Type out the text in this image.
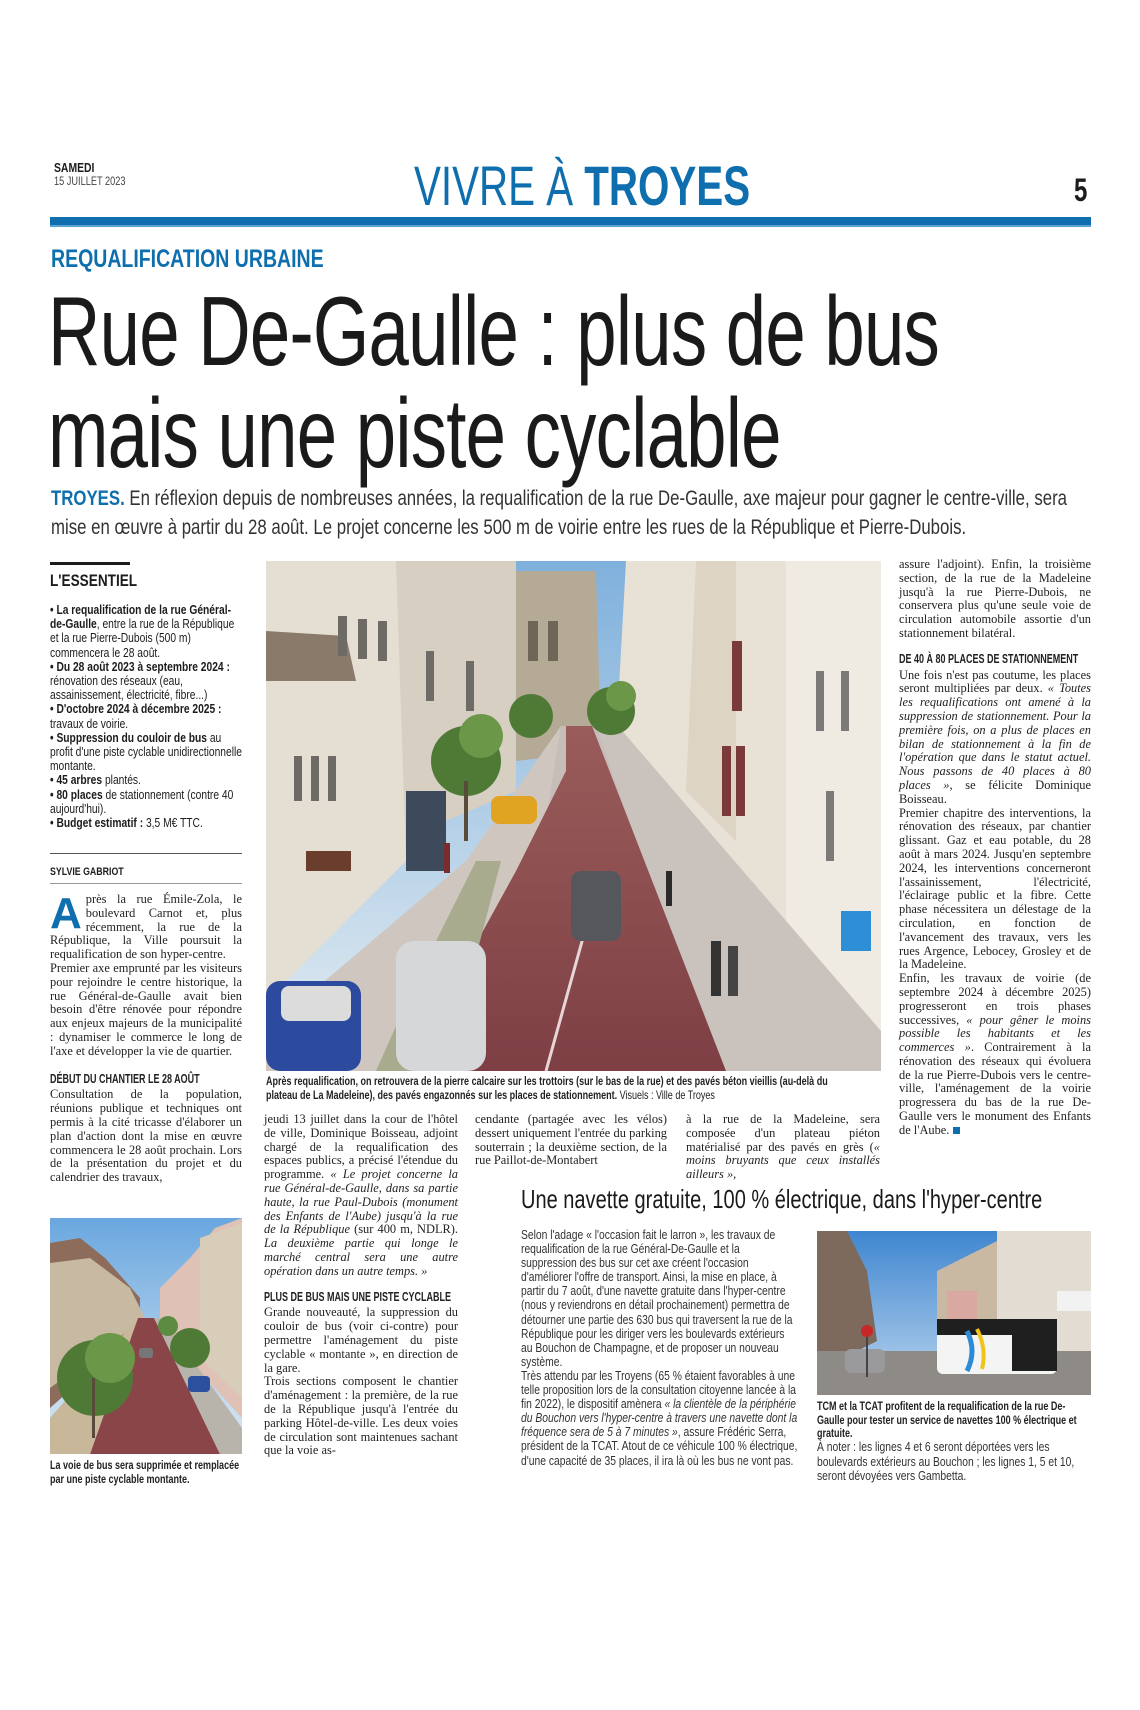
SAMEDI
15 JUILLET 2023	VIVRE À TROYES	5
REQUALIFICATION URBAINE
Rue De-Gaulle : plus de bus
mais une piste cyclable
TROYES. En réflexion depuis de nombreuses années, la requalification de la rue De-Gaulle, axe majeur pour gagner le centre-ville, sera mise en œuvre à partir du 28 août. Le projet concerne les 500 m de voirie entre les rues de la République et Pierre-Dubois.
L'ESSENTIEL
• La requalification de la rue Général-de-Gaulle, entre la rue de la République et la rue Pierre-Dubois (500 m) commencera le 28 août.
• Du 28 août 2023 à septembre 2024 : rénovation des réseaux (eau, assainissement, électricité, fibre...)
• D'octobre 2024 à décembre 2025 : travaux de voirie.
• Suppression du couloir de bus au profit d'une piste cyclable unidirectionnelle montante.
• 45 arbres plantés.
• 80 places de stationnement (contre 40 aujourd'hui).
• Budget estimatif : 3,5 M€ TTC.
SYLVIE GABRIOT
A près la rue Émile-Zola, le boulevard Carnot et, plus récemment, la rue de la République, la Ville poursuit la requalification de son hyper-centre.

Premier axe emprunté par les visiteurs pour rejoindre le centre historique, la rue Général-de-Gaulle avait bien besoin d'être rénovée pour répondre aux enjeux majeurs de la municipalité : dynamiser le commerce le long de l'axe et développer la vie de quartier.

DÉBUT DU CHANTIER LE 28 AOÛT

Consultation de la population, réunions publique et techniques ont permis à la cité tricasse d'élaborer un plan d'action dont la mise en œuvre commencera le 28 août prochain. Lors de la présentation du projet et du calendrier des travaux,

La voie de bus sera supprimée et remplacée par une piste cyclable montante.
Après requalification, on retrouvera de la pierre calcaire sur les trottoirs (sur le bas de la rue) et des pavés béton vieillis (au-delà du plateau de La Madeleine), des pavés engazonnés sur les places de stationnement. Visuels : Ville de Troyes

jeudi 13 juillet dans la cour de l'hôtel de ville, Dominique Boisseau, adjoint chargé de la requalification des espaces publics, a précisé l'étendue du programme. « Le projet concerne la rue Général-de-Gaulle, dans sa partie haute, la rue Paul-Dubois (monument des Enfants de l'Aube) jusqu'à la rue de la République (sur 400 m, NDLR). La deuxième partie qui longe le marché central sera une autre opération dans un autre temps. »

PLUS DE BUS MAIS UNE PISTE CYCLABLE

Grande nouveauté, la suppression du couloir de bus (voir ci-contre) pour permettre l'aménagement du piste cyclable « montante », en direction de la gare.

Trois sections composent le chantier d'aménagement : la première, de la rue de la République jusqu'à l'entrée du parking Hôtel-de-ville. Les deux voies de circulation sont maintenues sachant que la voie as-

cendante (partagée avec les vélos) dessert uniquement l'entrée du parking souterrain ; la deuxième section, de la rue Paillot-de-Montabert

à la rue de la Madeleine, sera composée d'un plateau piéton matérialisé par des pavés en grès (« moins bruyants que ceux installés ailleurs »,

assure l'adjoint). Enfin, la troisième section, de la rue de la Madeleine jusqu'à la rue Pierre-Dubois, ne conservera plus qu'une seule voie de circulation automobile assortie d'un stationnement bilatéral.

DE 40 À 80 PLACES DE STATIONNEMENT

Une fois n'est pas coutume, les places seront multipliées par deux. « Toutes les requalifications ont amené à la suppression de stationnement. Pour la première fois, on a plus de places en bilan de stationnement à la fin de l'opération que dans le statut actuel. Nous passons de 40 places à 80 places », se félicite Dominique Boisseau.

Premier chapitre des interventions, la rénovation des réseaux, par chantier glissant. Gaz et eau potable, du 28 août à mars 2024. Jusqu'en septembre 2024, les interventions concerneront l'assainissement, l'électricité, l'éclairage public et la fibre. Cette phase nécessitera un délestage de la circulation, en fonction de l'avancement des travaux, vers les rues Argence, Lebocey, Grosley et de la Madeleine.

Enfin, les travaux de voirie (de septembre 2024 à décembre 2025) progresseront en trois phases successives, « pour gêner le moins possible les habitants et les commerces ». Contrairement à la rénovation des réseaux qui évoluera de la rue Pierre-Dubois vers le centre-ville, l'aménagement de la voirie progressera du bas de la rue De-Gaulle vers le monument des Enfants de l'Aube.

Une navette gratuite, 100 % électrique, dans l'hyper-centre

Selon l'adage « l'occasion fait le larron », les travaux de requalification de la rue Général-De-Gaulle et la suppression des bus sur cet axe créent l'occasion d'améliorer l'offre de transport. Ainsi, la mise en place, à partir du 7 août, d'une navette gratuite dans l'hyper-centre (nous y reviendrons en détail prochainement) permettra de détourner une partie des 630 bus qui traversent la rue de la République pour les diriger vers les boulevards extérieurs au Bouchon de Champagne, et de proposer un nouveau système.

Très attendu par les Troyens (65 % étaient favorables à une telle proposition lors de la consultation citoyenne lancée à la fin 2022), le dispositif amènera « la clientèle de la périphérie du Bouchon vers l'hyper-centre à travers une navette dont la fréquence sera de 5 à 7 minutes », assure Frédéric Serra, président de la TCAT. Atout de ce véhicule 100 % électrique, d'une capacité de 35 places, il ira là où les bus ne vont pas.

TCM et la TCAT profitent de la requalification de la rue De-Gaulle pour tester un service de navettes 100 % électrique et gratuite.
À noter : les lignes 4 et 6 seront déportées vers les boulevards extérieurs au Bouchon ; les lignes 1, 5 et 10, seront dévoyées vers Gambetta.
